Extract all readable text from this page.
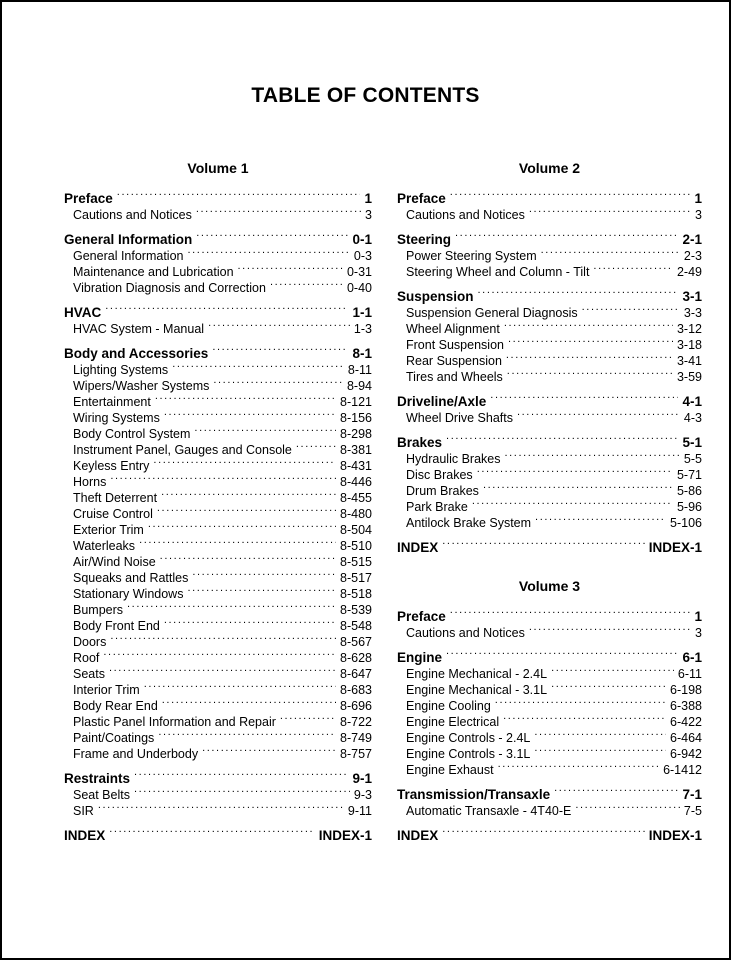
TABLE OF CONTENTS
Volume 1
Preface .....	1
Cautions and Notices .....	3
General Information .....	0-1
General Information .....	0-3
Maintenance and Lubrication .....	0-31
Vibration Diagnosis and Correction .....	0-40
HVAC .....	1-1
HVAC System - Manual .....	1-3
Body and Accessories .....	8-1
Lighting Systems .....	8-11
Wipers/Washer Systems .....	8-94
Entertainment .....	8-121
Wiring Systems .....	8-156
Body Control System .....	8-298
Instrument Panel, Gauges and Console .....	8-381
Keyless Entry .....	8-431
Horns .....	8-446
Theft Deterrent .....	8-455
Cruise Control .....	8-480
Exterior Trim .....	8-504
Waterleaks .....	8-510
Air/Wind Noise .....	8-515
Squeaks and Rattles .....	8-517
Stationary Windows .....	8-518
Bumpers .....	8-539
Body Front End .....	8-548
Doors .....	8-567
Roof .....	8-628
Seats .....	8-647
Interior Trim .....	8-683
Body Rear End .....	8-696
Plastic Panel Information and Repair .....	8-722
Paint/Coatings .....	8-749
Frame and Underbody .....	8-757
Restraints .....	9-1
Seat Belts .....	9-3
SIR .....	9-11
INDEX .....	INDEX-1
Volume 2
Preface .....	1
Cautions and Notices .....	3
Steering .....	2-1
Power Steering System .....	2-3
Steering Wheel and Column - Tilt .....	2-49
Suspension .....	3-1
Suspension General Diagnosis .....	3-3
Wheel Alignment .....	3-12
Front Suspension .....	3-18
Rear Suspension .....	3-41
Tires and Wheels .....	3-59
Driveline/Axle .....	4-1
Wheel Drive Shafts .....	4-3
Brakes .....	5-1
Hydraulic Brakes .....	5-5
Disc Brakes .....	5-71
Drum Brakes .....	5-86
Park Brake .....	5-96
Antilock Brake System .....	5-106
INDEX .....	INDEX-1
Volume 3
Preface .....	1
Cautions and Notices .....	3
Engine .....	6-1
Engine Mechanical - 2.4L .....	6-11
Engine Mechanical - 3.1L .....	6-198
Engine Cooling .....	6-388
Engine Electrical .....	6-422
Engine Controls - 2.4L .....	6-464
Engine Controls - 3.1L .....	6-942
Engine Exhaust .....	6-1412
Transmission/Transaxle .....	7-1
Automatic Transaxle - 4T40-E .....	7-5
INDEX .....	INDEX-1
